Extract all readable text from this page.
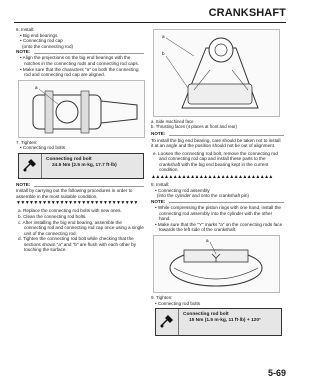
CRANKSHAFT

6. Install:

• Big end bearings

• Connecting rod cap

(onto the connecting rod)

NOTE:

• Align the projections on the big end bearings with the notches in the connecting rods and connecting rod caps.

• Make sure that the characters "a" on both the connecting rod and connecting rod cap are aligned.

a

7. Tighten:

• Connecting rod bolts

Connecting rod bolt
24.5 Nm (2.5 m·kg, 17.7 ft·lb)

NOTE:

Install by carrying out the following procedures in order to assemble in the most suitable condition.

▼▼▼▼▼▼▼▼▼▼▼▼▼▼▼▼▼▼▼▼▼▼▼▼▼▼▼▼

a. Replace the connecting rod bolts with new ones.

b. Clean the connecting rod bolts.

c. After installing the big end bearing, assemble the connecting rod and connecting rod cap once using a single unit of the connecting rod.

d. Tighten the connecting rod bolt while checking that the sections shown "a" and "b" are flush with each other by touching the surface.

a
b

a. Side machined face

b. Thrusting faces (4 places at front and rear)

NOTE:

To install the big end bearing, care should be taken not to install it at an angle and the position should not be out of alignment.

e. Loosen the connecting rod bolt, remove the connecting rod and connecting rod cap and install these parts to the crankshaft with the big end bearing kept in the current condition.

▲▲▲▲▲▲▲▲▲▲▲▲▲▲▲▲▲▲▲▲▲▲▲▲▲▲▲▲

8. Install:

• Connecting rod assembly

(into the cylinder and onto the crankshaft pin)

NOTE:

• While compressing the piston rings with one hand, install the connecting rod assembly into the cylinder with the other hand.

• Make sure that the "Y" marks "a" on the connecting rods face towards the left side of the crankshaft.

a

9. Tighten:

• Connecting rod bolts

Connecting rod bolt
15 Nm (1.5 m·kg, 11 ft·lb) + 120°
5-69
